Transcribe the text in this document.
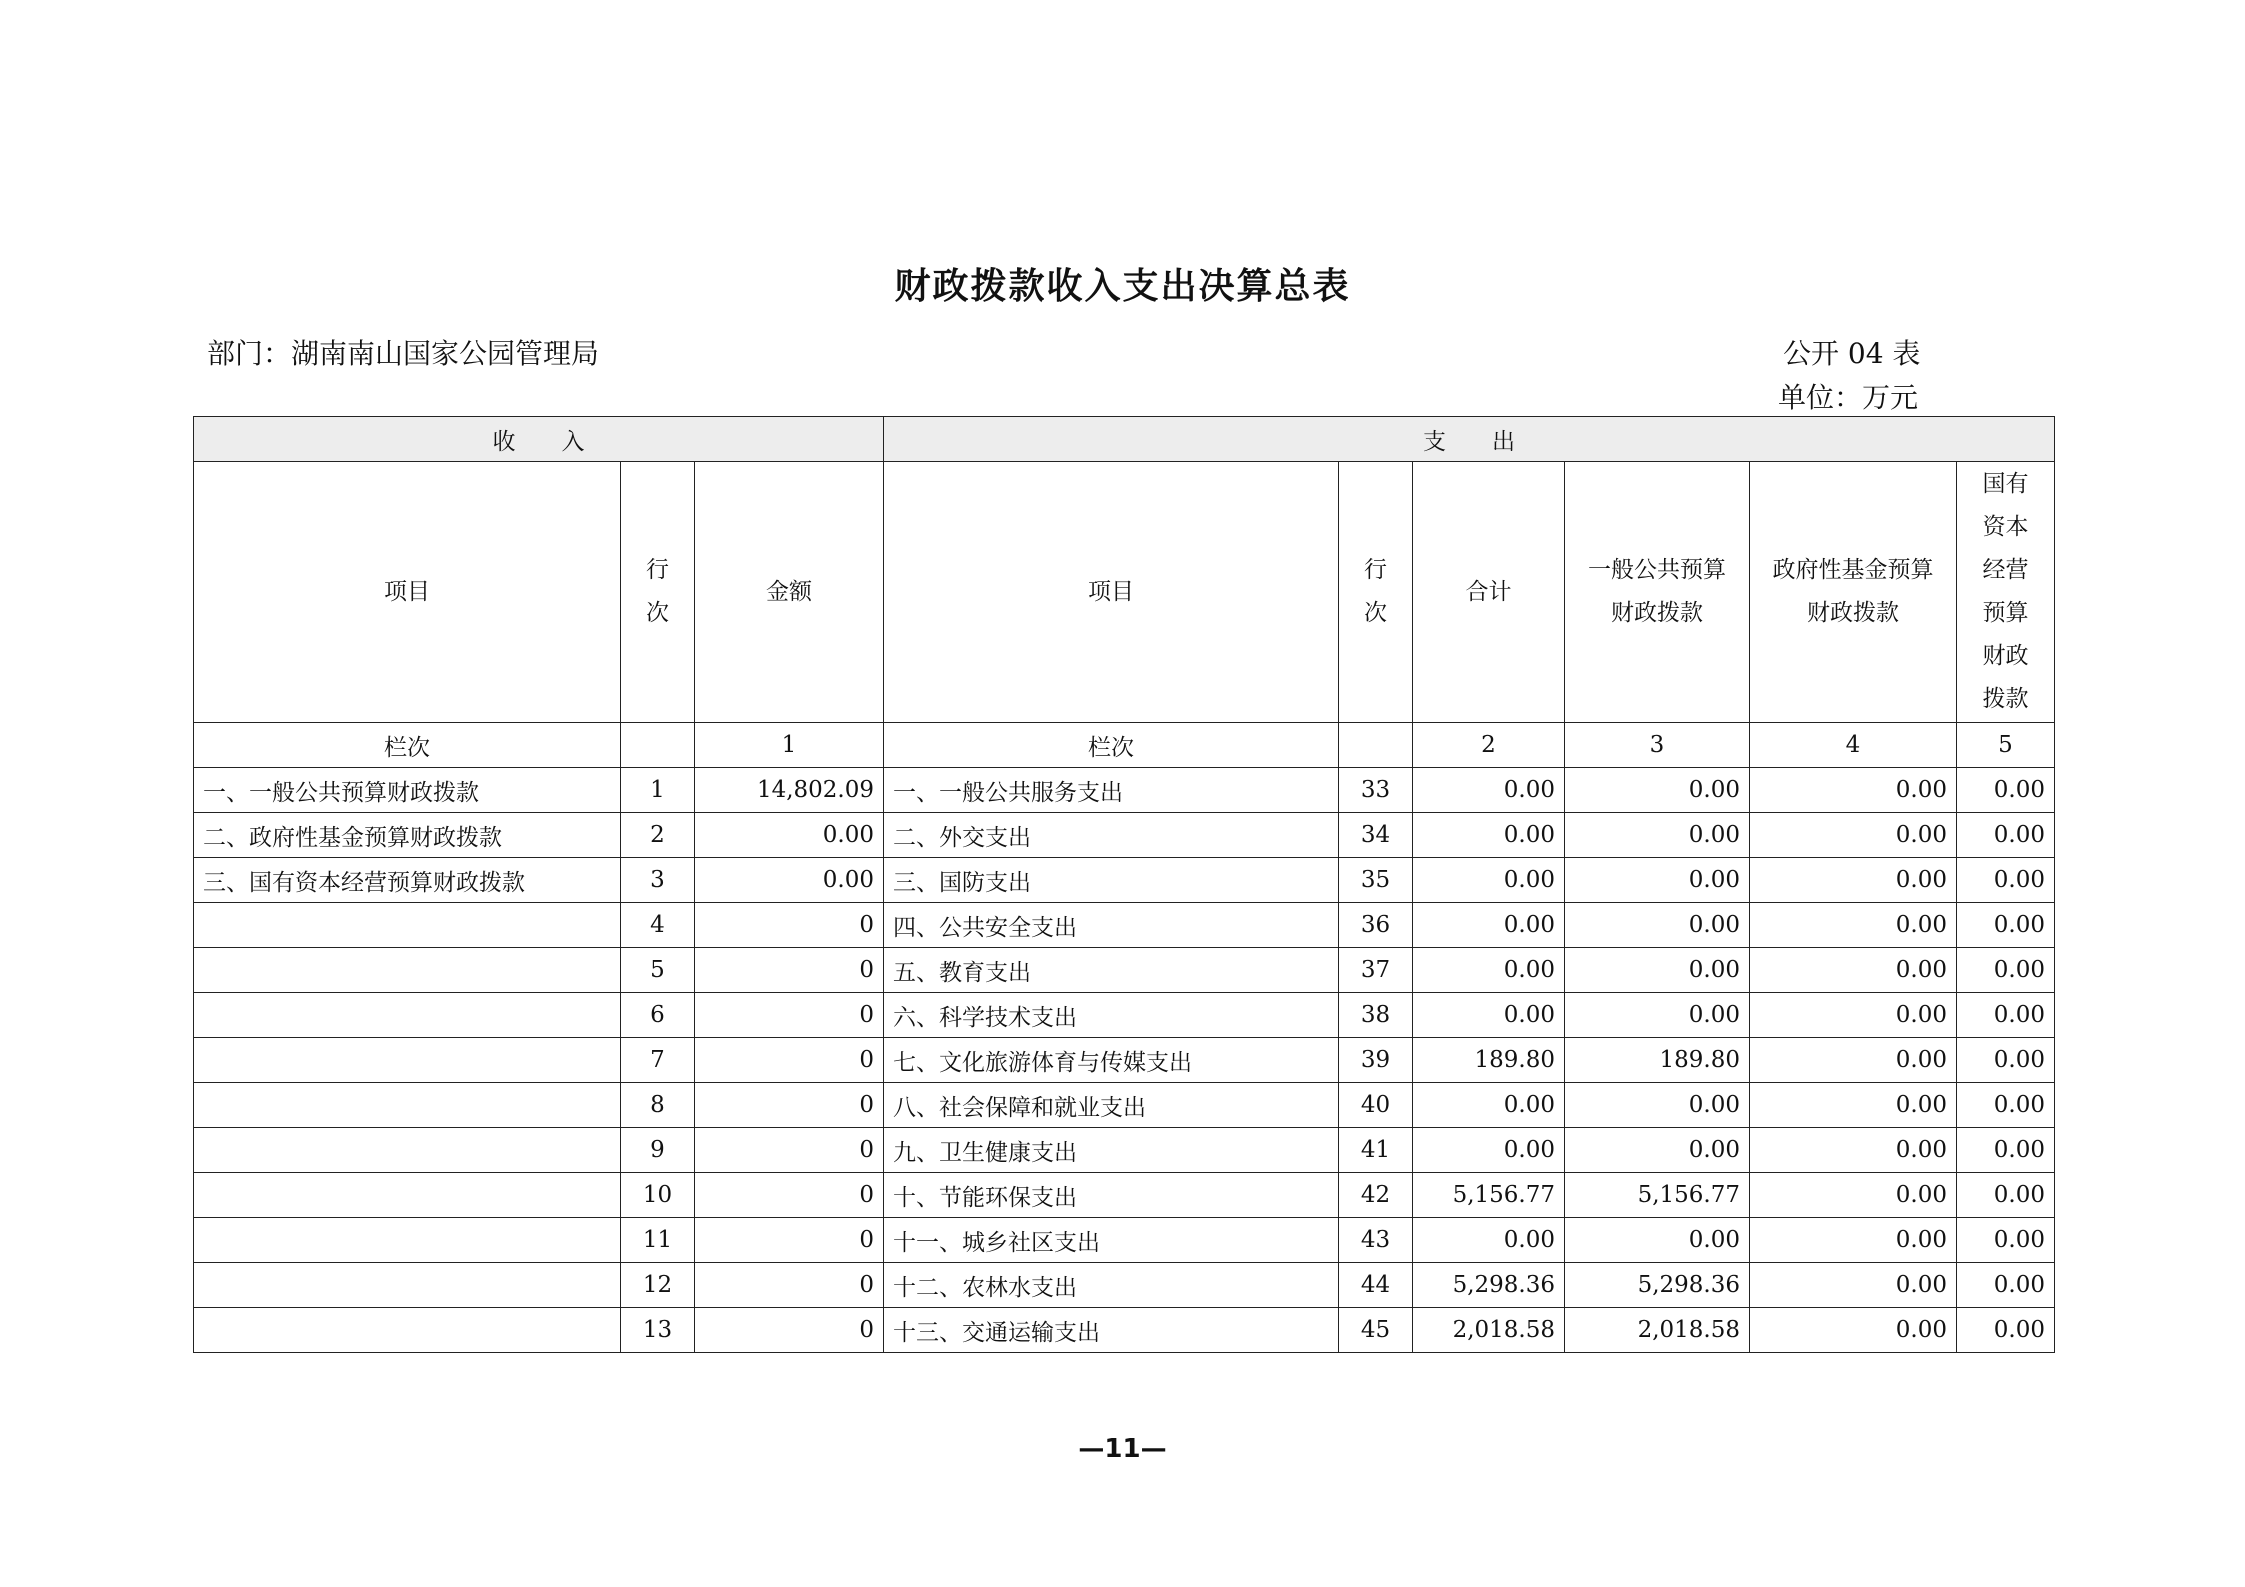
财政拨款收入支出决算总表
部门：湖南南山国家公园管理局	公开 04 表
单位：万元
收　　入			支　　出					
项目	行次	金额	项目	行次	合计	一般公共预算财政拨款	政府性基金预算财政拨款	国有资本经营预算财政拨款
栏次		1	栏次		2	3	4	5
一、一般公共预算财政拨款	1	14,802.09	一、一般公共服务支出	33	0.00	0.00	0.00	0.00
二、政府性基金预算财政拨款	2	0.00	二、外交支出	34	0.00	0.00	0.00	0.00
三、国有资本经营预算财政拨款	3	0.00	三、国防支出	35	0.00	0.00	0.00	0.00
	4	0	四、公共安全支出	36	0.00	0.00	0.00	0.00
	5	0	五、教育支出	37	0.00	0.00	0.00	0.00
	6	0	六、科学技术支出	38	0.00	0.00	0.00	0.00
	7	0	七、文化旅游体育与传媒支出	39	189.80	189.80	0.00	0.00
	8	0	八、社会保障和就业支出	40	0.00	0.00	0.00	0.00
	9	0	九、卫生健康支出	41	0.00	0.00	0.00	0.00
	10	0	十、节能环保支出	42	5,156.77	5,156.77	0.00	0.00
	11	0	十一、城乡社区支出	43	0.00	0.00	0.00	0.00
	12	0	十二、农林水支出	44	5,298.36	5,298.36	0.00	0.00
	13	0	十三、交通运输支出	45	2,018.58	2,018.58	0.00	0.00
—11—
